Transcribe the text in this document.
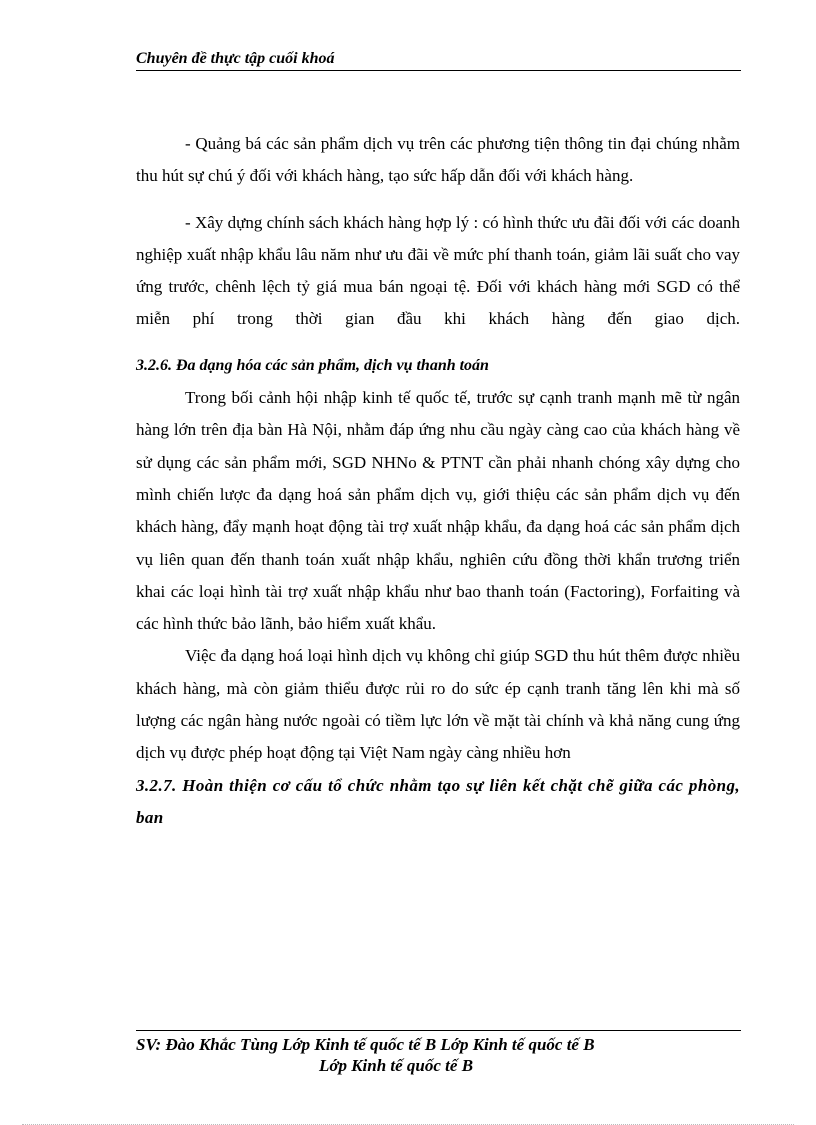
Chuyên đề thực tập cuối khoá

- Quảng bá các sản phẩm dịch vụ trên các phương tiện thông tin đại chúng nhằm thu hút sự chú ý đối với khách hàng, tạo sức hấp dẫn đối với khách hàng.

- Xây dựng chính sách khách hàng hợp lý : có hình thức ưu đãi đối với các doanh nghiệp xuất nhập khẩu lâu năm như ưu đãi về mức phí thanh toán, giảm lãi suất cho vay ứng trước, chênh lệch tỷ giá mua bán ngoại tệ. Đối với khách hàng mới SGD có thể miễn phí trong thời gian đầu khi khách hàng đến giao dịch.

3.2.6. Đa dạng hóa các sản phẩm, dịch vụ thanh toán

Trong bối cảnh hội nhập kinh tế quốc tế, trước sự cạnh tranh mạnh mẽ từ ngân hàng lớn trên địa bàn Hà Nội, nhằm đáp ứng nhu cầu ngày càng cao của khách hàng về sử dụng các sản phẩm mới, SGD NHNo & PTNT cần phải nhanh chóng xây dựng cho mình chiến lược đa dạng hoá sản phẩm dịch vụ, giới thiệu các sản phẩm dịch vụ đến khách hàng, đẩy mạnh hoạt động tài trợ xuất nhập khẩu, đa dạng hoá các sản phẩm dịch vụ liên quan đến thanh toán xuất nhập khẩu, nghiên cứu đồng thời khẩn trương triển khai các loại hình tài trợ xuất nhập khẩu như bao thanh toán (Factoring), Forfaiting và các hình thức bảo lãnh, bảo hiểm xuất khẩu.

Việc đa dạng hoá loại hình dịch vụ không chỉ giúp SGD thu hút thêm được nhiều khách hàng, mà còn giảm thiểu được rủi ro do sức ép cạnh tranh tăng lên khi mà số lượng các ngân hàng nước ngoài có tiềm lực lớn về mặt tài chính và khả năng cung ứng dịch vụ được phép hoạt động tại Việt Nam ngày càng nhiều hơn

3.2.7. Hoàn thiện cơ cấu tổ chức nhằm tạo sự liên kết chặt chẽ giữa các phòng, ban

SV: Đào Khắc Tùng Lớp Kinh tế quốc tế B Lớp Kinh tế quốc tế B
Lớp Kinh tế quốc tế B
